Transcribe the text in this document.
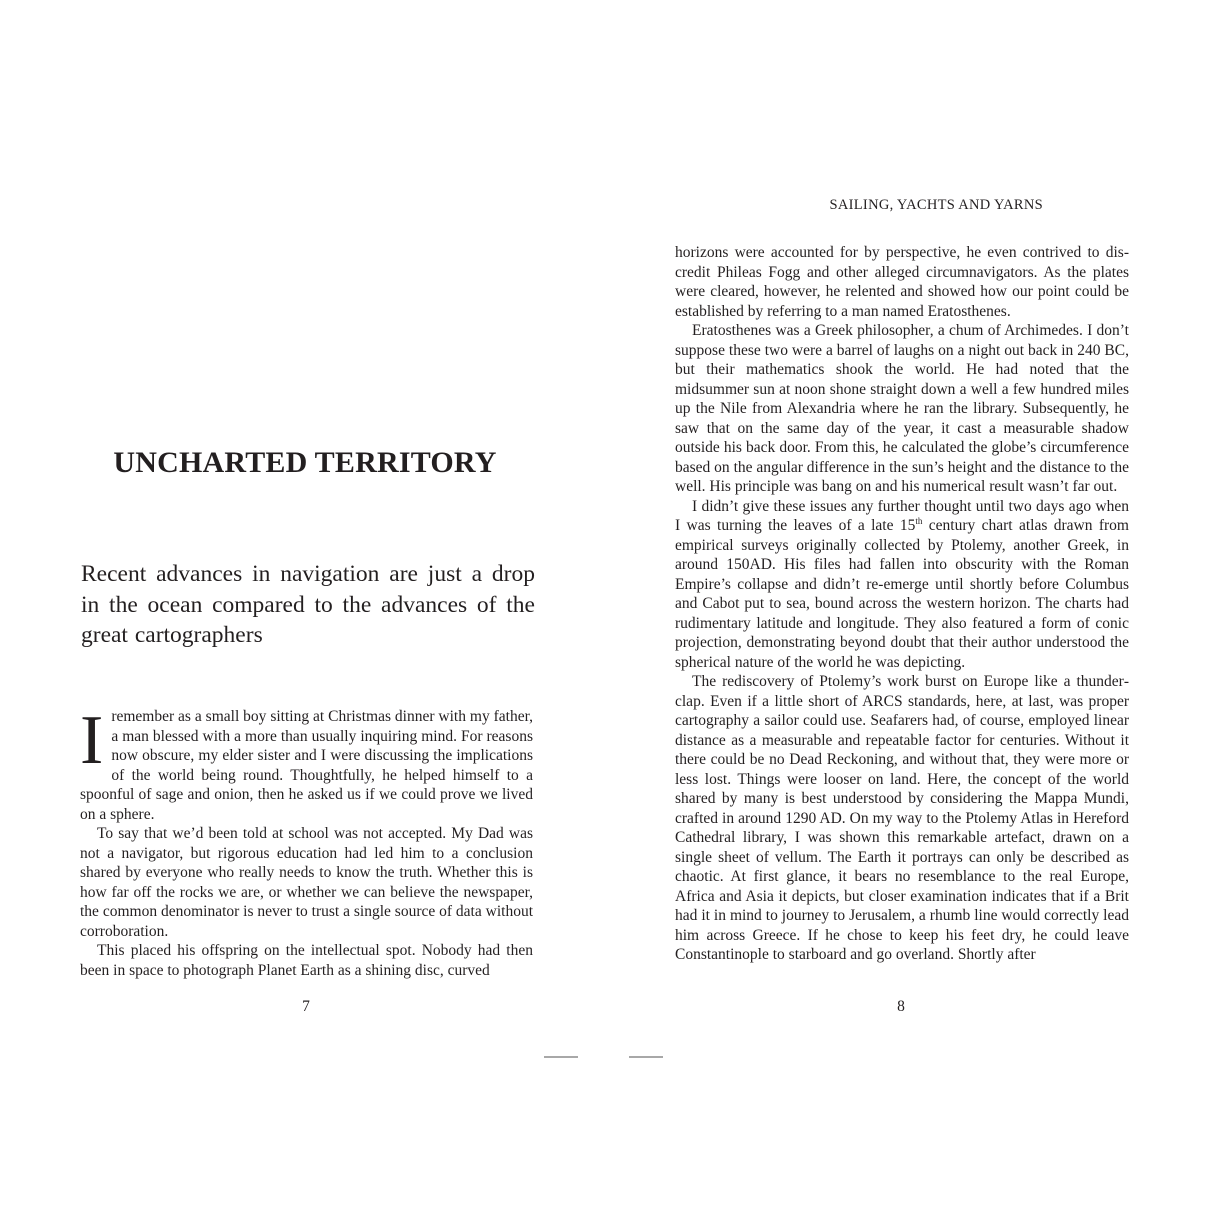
SAILING, YACHTS AND YARNS
UNCHARTED TERRITORY

Recent advances in navigation are just a drop in the ocean compared to the advances of the great cartographers

Iremember as a small boy sitting at Christmas dinner with my father, a man blessed with a more than usually inquiring mind. For reasons now obscure, my elder sister and I were discussing the implications of the world being round. Thoughtfully, he helped himself to a spoonful of sage and onion, then he asked us if we could prove we lived on a sphere.

To say that we’d been told at school was not accepted. My Dad was not a navigator, but rigorous education had led him to a conclusion shared by everyone who really needs to know the truth. Whether this is how far off the rocks we are, or whether we can believe the newspaper, the common denominator is never to trust a single source of data without corroboration.

This placed his offspring on the intellectual spot. Nobody had then been in space to photograph Planet Earth as a shining disc, curved

7

horizons were accounted for by perspective, he even contrived to discredit Phileas Fogg and other alleged circumnavigators. As the plates were cleared, however, he relented and showed how our point could be established by referring to a man named Eratosthenes.

Eratosthenes was a Greek philosopher, a chum of Archimedes. I don’t suppose these two were a barrel of laughs on a night out back in 240 BC, but their mathematics shook the world. He had noted that the midsummer sun at noon shone straight down a well a few hundred miles up the Nile from Alexandria where he ran the library. Subsequently, he saw that on the same day of the year, it cast a measurable shadow outside his back door. From this, he calculated the globe’s circumference based on the angular difference in the sun’s height and the distance to the well. His principle was bang on and his numerical result wasn’t far out.

I didn’t give these issues any further thought until two days ago when I was turning the leaves of a late 15th century chart atlas drawn from empirical surveys originally collected by Ptolemy, another Greek, in around 150AD. His files had fallen into obscurity with the Roman Empire’s collapse and didn’t re-emerge until shortly before Columbus and Cabot put to sea, bound across the western horizon. The charts had rudimentary latitude and longitude. They also featured a form of conic projection, demonstrating beyond doubt that their author understood the spherical nature of the world he was depicting.

The rediscovery of Ptolemy’s work burst on Europe like a thunderclap. Even if a little short of ARCS standards, here, at last, was proper cartography a sailor could use. Seafarers had, of course, employed linear distance as a measurable and repeatable factor for centuries. Without it there could be no Dead Reckoning, and without that, they were more or less lost. Things were looser on land. Here, the concept of the world shared by many is best understood by considering the Mappa Mundi, crafted in around 1290 AD. On my way to the Ptolemy Atlas in Hereford Cathedral library, I was shown this remarkable artefact, drawn on a single sheet of vellum. The Earth it portrays can only be described as chaotic. At first glance, it bears no resemblance to the real Europe, Africa and Asia it depicts, but closer examination indicates that if a Brit had it in mind to journey to Jerusalem, a rhumb line would correctly lead him across Greece. If he chose to keep his feet dry, he could leave Constantinople to starboard and go overland. Shortly after

8
